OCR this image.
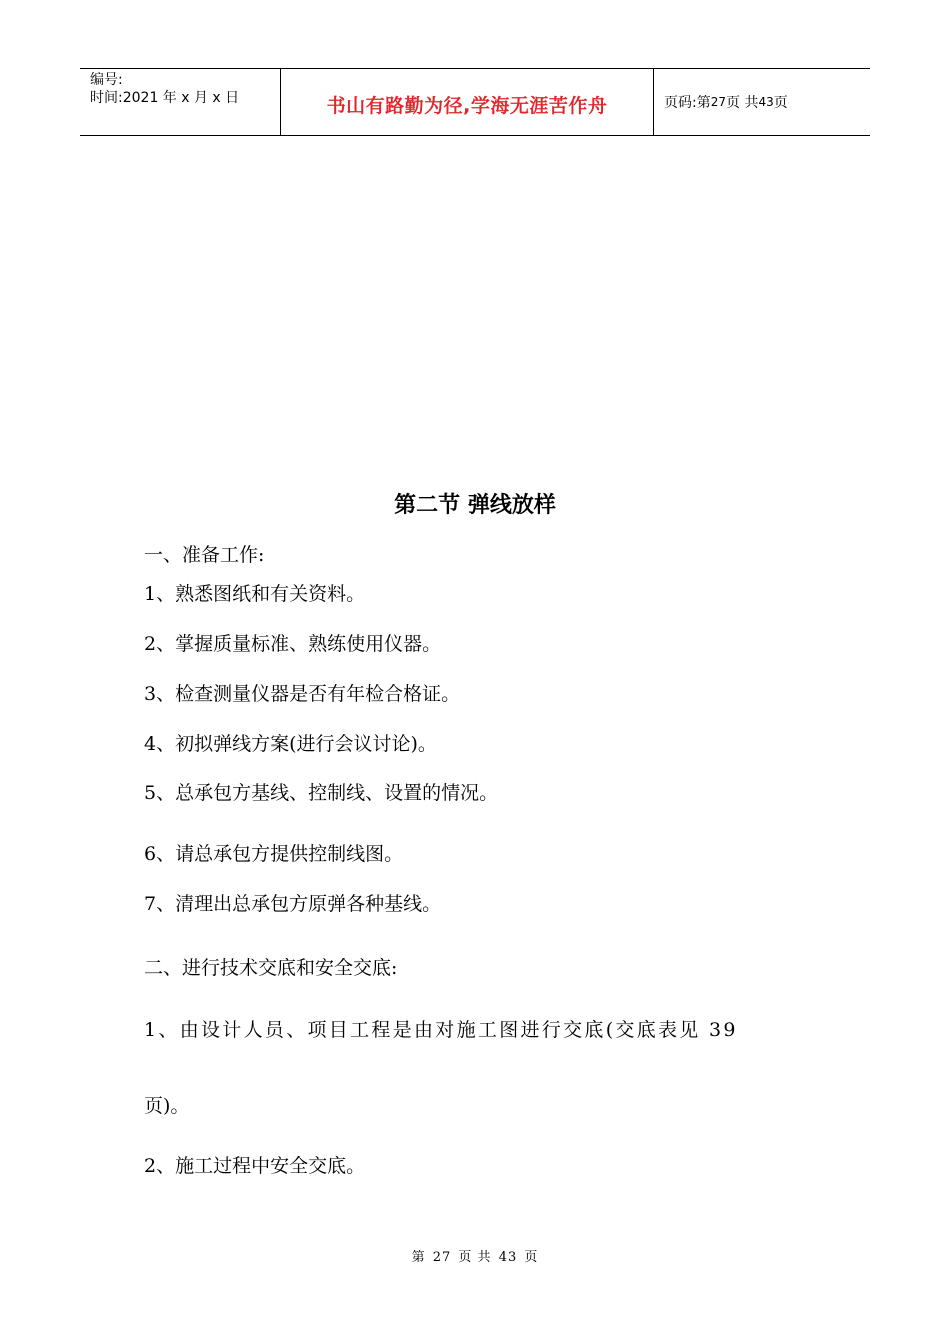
编号:
时间:2021 年 x 月 x 日	书山有路勤为径,学海无涯苦作舟	页码:第 27 页 共 43 页
第二节 弹线放样
一、准备工作:
1、熟悉图纸和有关资料。
2、掌握质量标准、熟练使用仪器。
3、检查测量仪器是否有年检合格证。
4、初拟弹线方案(进行会议讨论)。
5、总承包方基线、控制线、设置的情况。
6、请总承包方提供控制线图。
7、清理出总承包方原弹各种基线。
二、进行技术交底和安全交底:
1、由设计人员、项目工程是由对施工图进行交底(交底表见 39
页)。
2、施工过程中安全交底。
第 27 页 共 43 页
